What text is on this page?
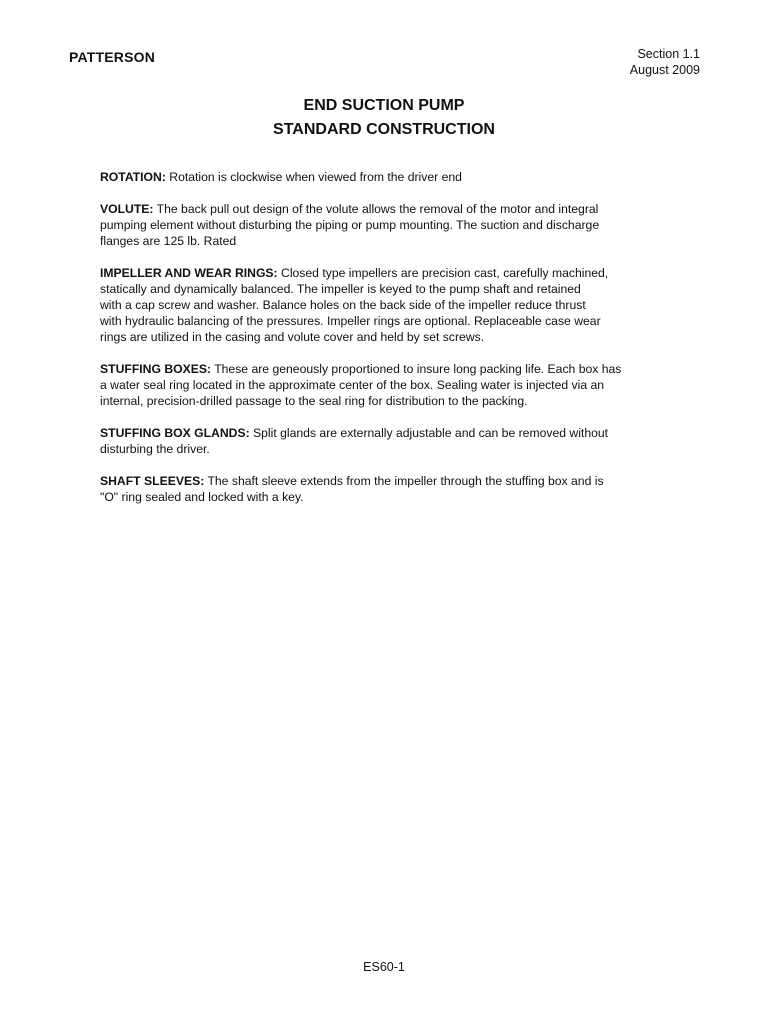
PATTERSON	Section 1.1
August 2009
END SUCTION PUMP
STANDARD CONSTRUCTION
ROTATION: Rotation is clockwise when viewed from the driver end
VOLUTE: The back pull out design of the volute allows the removal of the motor and integral
pumping element without disturbing the piping or pump mounting. The suction and discharge
flanges are 125 lb. Rated
IMPELLER AND WEAR RINGS: Closed type impellers are precision cast, carefully machined,
statically and dynamically balanced. The impeller is keyed to the pump shaft and retained
with a cap screw and washer. Balance holes on the back side of the impeller reduce thrust
with hydraulic balancing of the pressures. Impeller rings are optional. Replaceable case wear
rings are utilized in the casing and volute cover and held by set screws.
STUFFING BOXES: These are geneously proportioned to insure long packing life. Each box has
a water seal ring located in the approximate center of the box. Sealing water is injected via an
internal, precision-drilled passage to the seal ring for distribution to the packing.
STUFFING BOX GLANDS: Split glands are externally adjustable and can be removed without
disturbing the driver.
SHAFT SLEEVES: The shaft sleeve extends from the impeller through the stuffing box and is
"O" ring sealed and locked with a key.
ES60-1
